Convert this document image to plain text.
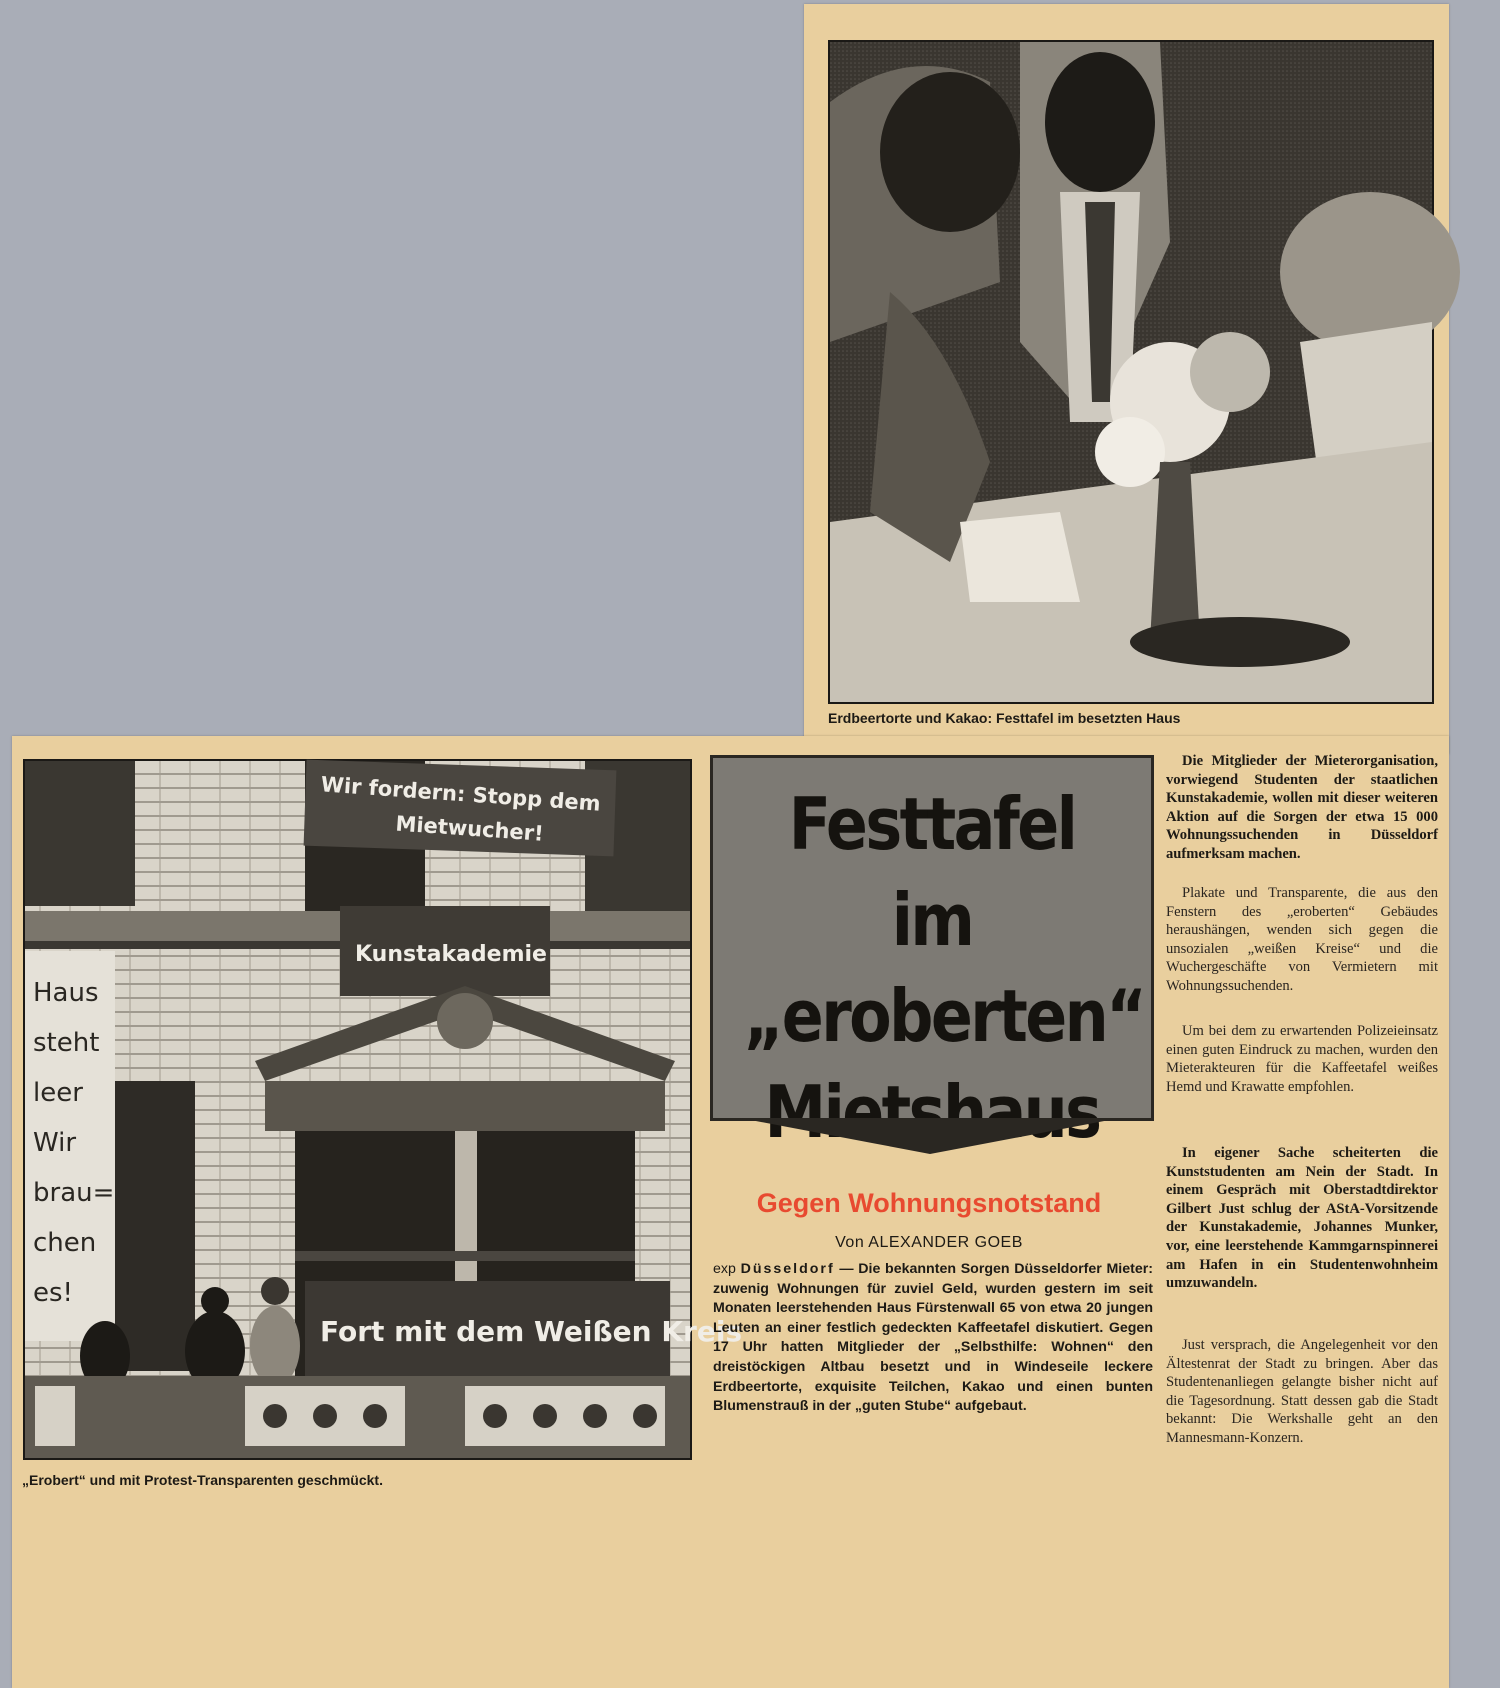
Erdbeertorte und Kakao: Festtafel im besetzten Haus
Wir fordern: Stopp dem
Mietwucher!
Kunstakademie
Haus
steht
leer
Wir
brau=
chen
es!
Fort mit dem Weißen Kreis
„Erobert“ und mit Protest-Transparenten geschmückt.
Festtafel im
„eroberten“
Mietshaus
Gegen Wohnungsnotstand
Von ALEXANDER GOEB
exp Düsseldorf — Die bekannten Sorgen Düsseldorfer Mieter: zuwenig Wohnungen für zuviel Geld, wurden gestern im seit Monaten leerstehenden Haus Fürstenwall 65 von etwa 20 jungen Leuten an einer festlich gedeckten Kaffeetafel diskutiert. Gegen 17 Uhr hatten Mitglieder der „Selbsthilfe: Wohnen“ den dreistöckigen Altbau besetzt und in Windeseile leckere Erdbeertorte, exquisite Teilchen, Kakao und einen bunten Blumenstrauß in der „guten Stube“ aufgebaut.

Die Mitglieder der Mieterorganisation, vorwiegend Studenten der staatlichen Kunstakademie, wollen mit dieser weiteren Aktion auf die Sorgen der etwa 15 000 Wohnungssuchenden in Düsseldorf aufmerksam machen.

Plakate und Transparente, die aus den Fenstern des „eroberten“ Gebäudes heraushängen, wenden sich gegen die unsozialen „weißen Kreise“ und die Wuchergeschäfte von Vermietern mit Wohnungssuchenden.

Um bei dem zu erwartenden Polizeieinsatz einen guten Eindruck zu machen, wurden den Mieterakteuren für die Kaffeetafel weißes Hemd und Krawatte empfohlen.

In eigener Sache scheiterten die Kunststudenten am Nein der Stadt. In einem Gespräch mit Oberstadtdirektor Gilbert Just schlug der AStA-Vorsitzende der Kunstakademie, Johannes Munker, vor, eine leerstehende Kammgarnspinnerei am Hafen in ein Studentenwohnheim umzuwandeln.

Just versprach, die Angelegenheit vor den Ältestenrat der Stadt zu bringen. Aber das Studentenanliegen gelangte bisher nicht auf die Tagesordnung. Statt dessen gab die Stadt bekannt: Die Werkshalle geht an den Mannesmann-Konzern.
